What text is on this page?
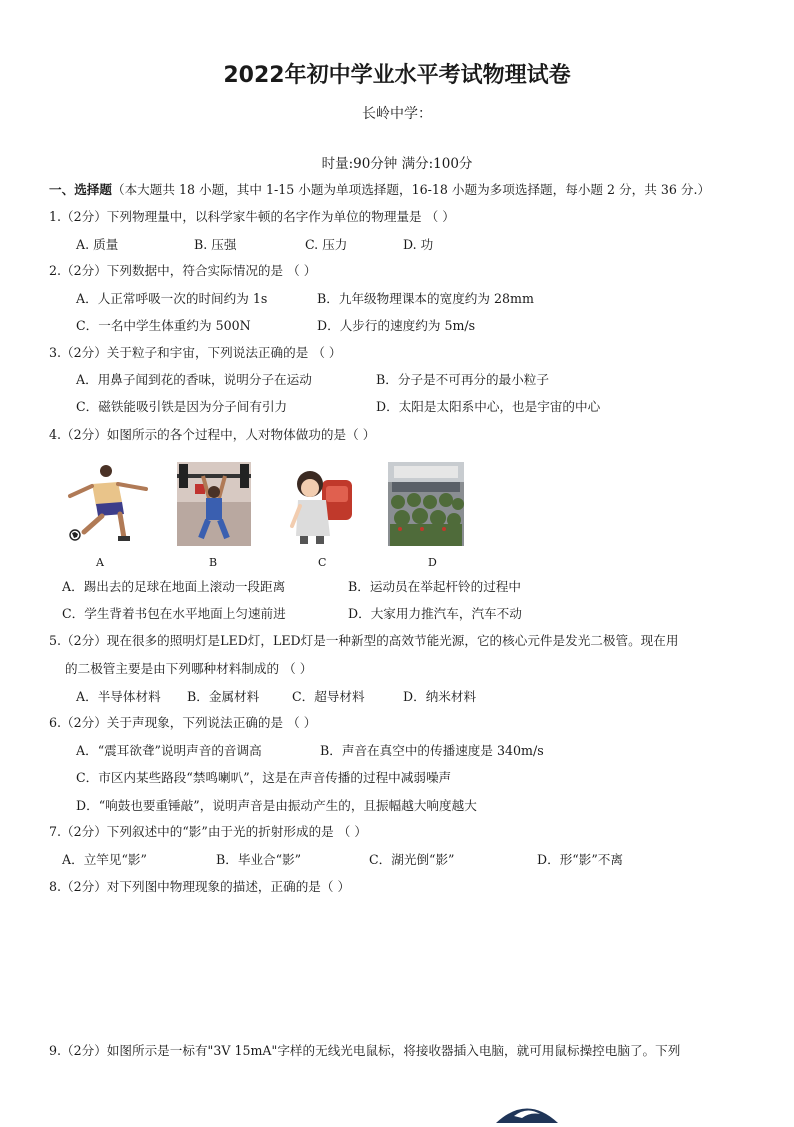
2022年初中学业水平考试物理试卷
长岭中学：
时量:90分钟 满分:100分
一、选择题（本大题共 18 小题，其中 1-15 小题为单项选择题，16-18 小题为多项选择题，每小题 2 分，共 36 分.）
1.（2分）下列物理量中，以科学家牛顿的名字作为单位的物理量是 （ ）
A. 质量	B. 压强	C. 压力	D. 功
2.（2分）下列数据中，符合实际情况的是 （ ）
A．人正常呼吸一次的时间约为 1s	B．九年级物理课本的宽度约为 28mm
C．一名中学生体重约为 500N	D．人步行的速度约为 5m/s
3.（2分）关于粒子和宇宙，下列说法正确的是 （ ）
A．用鼻子闻到花的香味，说明分子在运动	B．分子是不可再分的最小粒子
C．磁铁能吸引铁是因为分子间有引力	D．太阳是太阳系中心，也是宇宙的中心
4.（2分）如图所示的各个过程中，人对物体做功的是（ ）
A	B	C	D
A．踢出去的足球在地面上滚动一段距离	B．运动员在举起杆铃的过程中
C．学生背着书包在水平地面上匀速前进	D．大家用力推汽车，汽车不动
5.（2分）现在很多的照明灯是LED灯，LED灯是一种新型的高效节能光源，它的核心元件是发光二极管。现在用
的二极管主要是由下列哪种材料制成的 （ ）
A．半导体材料 B．金属材料	C．超导材料	D．纳米材料
6.（2分）关于声现象，下列说法正确的是 （ ）
A．“震耳欲聋”说明声音的音调高	B．声音在真空中的传播速度是 340m/s
C．市区内某些路段“禁鸣喇叭”，这是在声音传播的过程中减弱噪声
D．“响鼓也要重锤敲”，说明声音是由振动产生的，且振幅越大响度越大
7.（2分）下列叙述中的“影”由于光的折射形成的是 （ ）
A．立竿见“影”	B．毕业合“影”	C．湖光倒“影”	D．形“影”不离
8.（2分）对下列图中物理现象的描述，正确的是（ ）
9.（2分）如图所示是一标有"3V 15mA"字样的无线光电鼠标，将接收器插入电脑，就可用鼠标操控电脑了。下列
